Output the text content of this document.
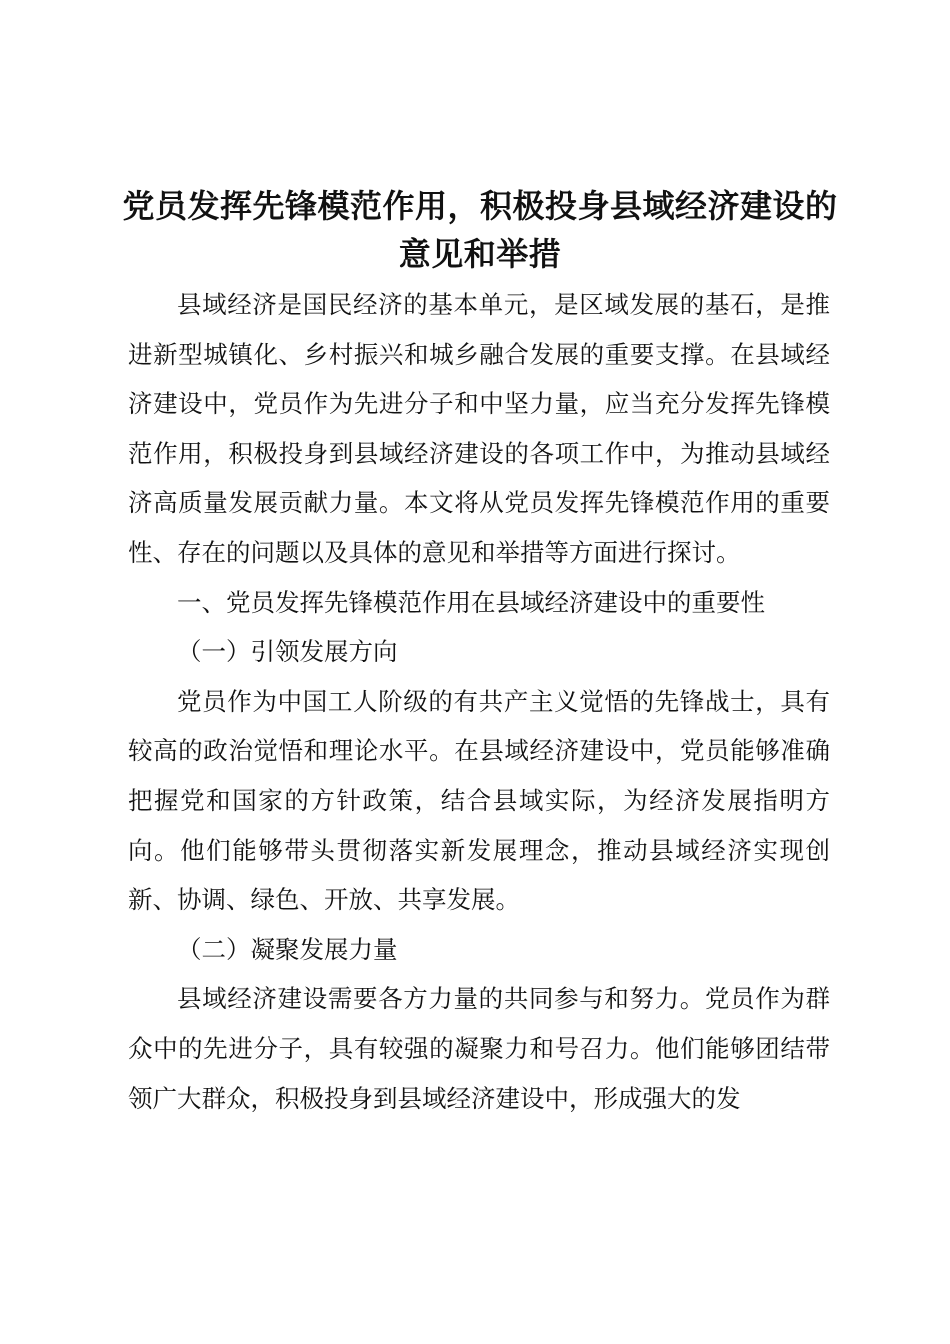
党员发挥先锋模范作用，积极投身县域经济建设的意见和举措

县域经济是国民经济的基本单元，是区域发展的基石，是推进新型城镇化、乡村振兴和城乡融合发展的重要支撑。在县域经济建设中，党员作为先进分子和中坚力量，应当充分发挥先锋模范作用，积极投身到县域经济建设的各项工作中，为推动县域经济高质量发展贡献力量。本文将从党员发挥先锋模范作用的重要性、存在的问题以及具体的意见和举措等方面进行探讨。

一、党员发挥先锋模范作用在县域经济建设中的重要性

（一）引领发展方向

党员作为中国工人阶级的有共产主义觉悟的先锋战士，具有较高的政治觉悟和理论水平。在县域经济建设中，党员能够准确把握党和国家的方针政策，结合县域实际，为经济发展指明方向。他们能够带头贯彻落实新发展理念，推动县域经济实现创新、协调、绿色、开放、共享发展。

（二）凝聚发展力量

县域经济建设需要各方力量的共同参与和努力。党员作为群众中的先进分子，具有较强的凝聚力和号召力。他们能够团结带领广大群众，积极投身到县域经济建设中，形成强大的发
